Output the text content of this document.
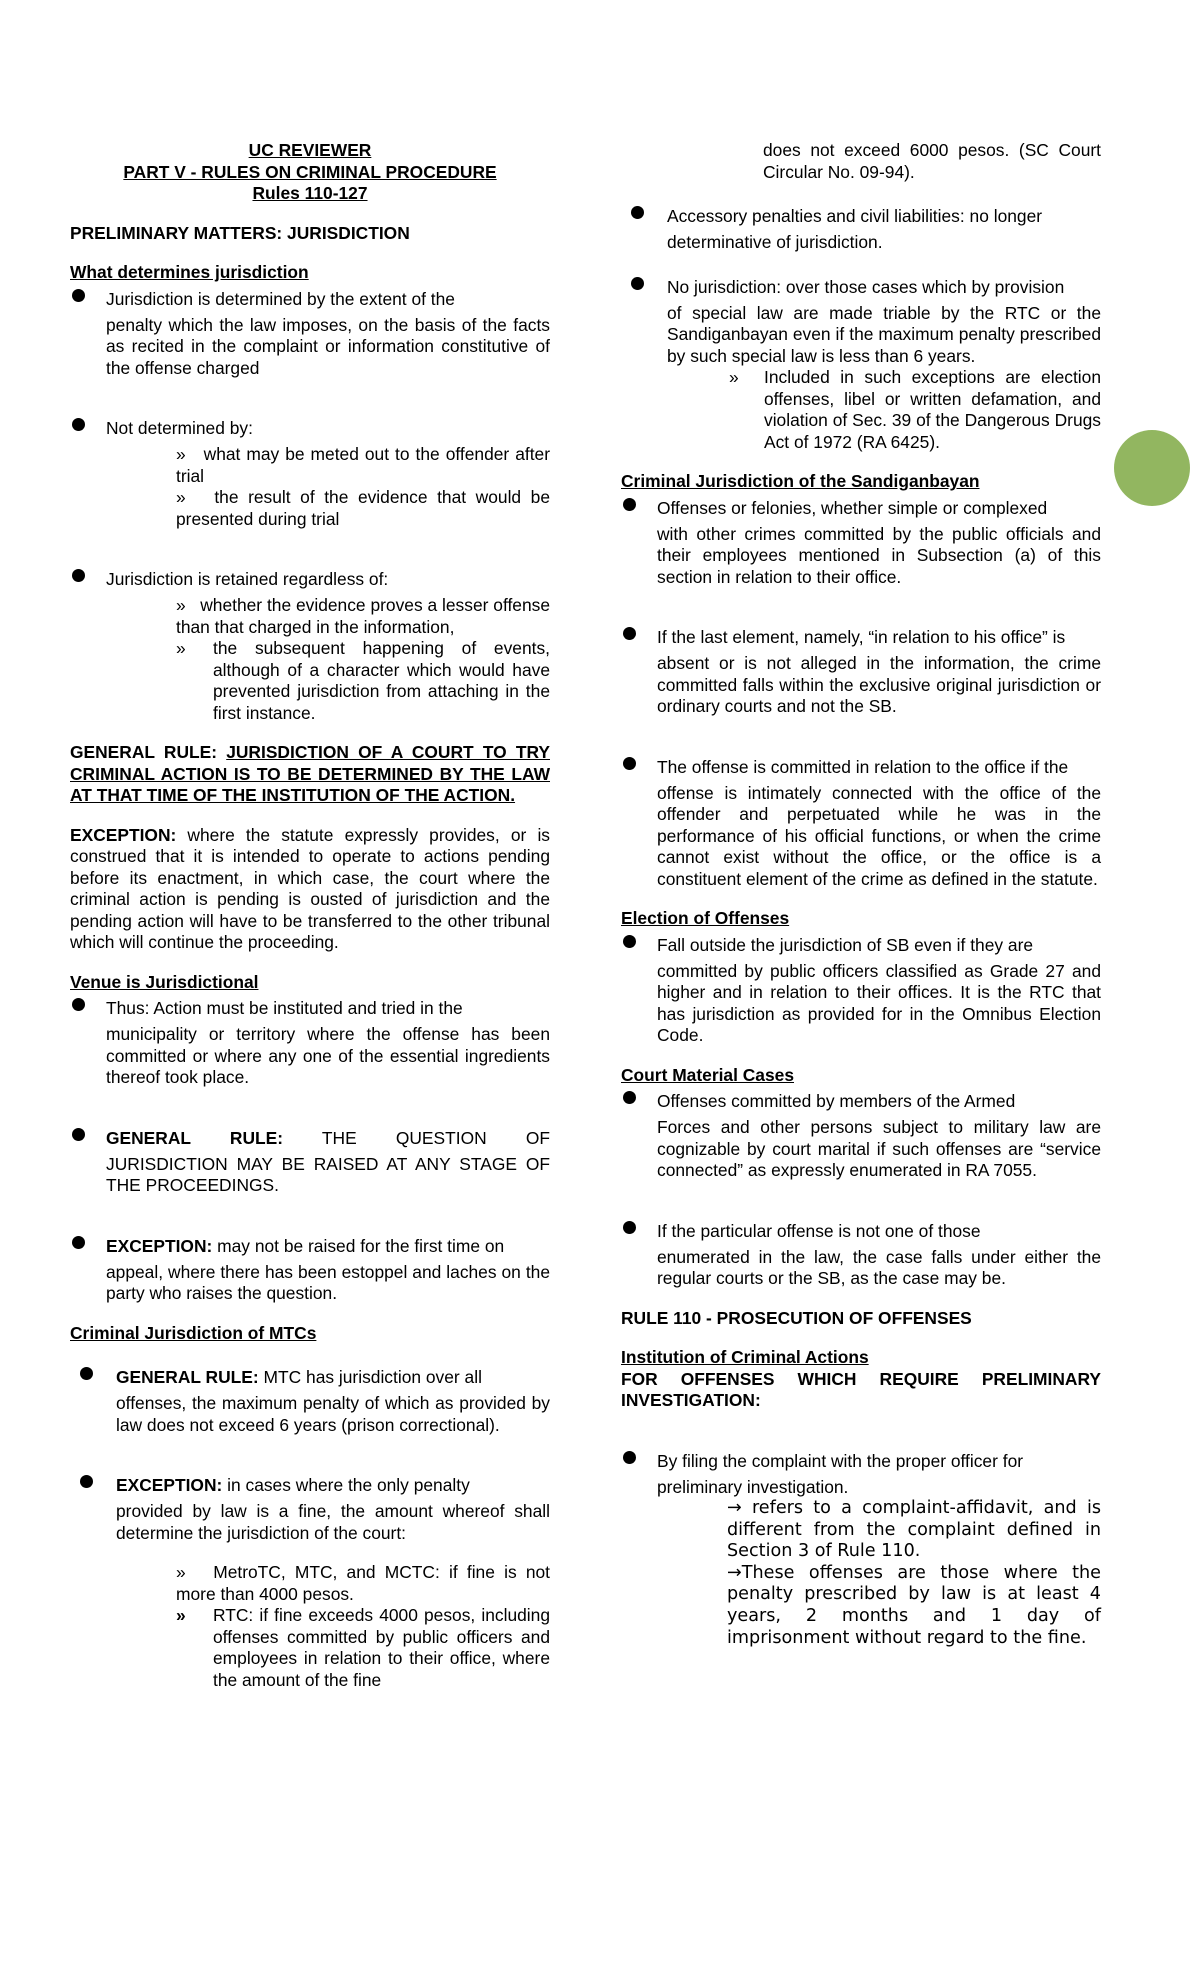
UC REVIEWER

PART V - RULES ON CRIMINAL PROCEDURE

Rules 110-127

PRELIMINARY MATTERS: JURISDICTION

What determines jurisdiction

Jurisdiction is determined by the extent of the

penalty which the law imposes, on the basis of the facts as recited in the complaint or information constitutive of the offense charged

Not determined by:

» what may be meted out to the offender after trial
» the result of the evidence that would be presented during trial

Jurisdiction is retained regardless of:

» whether the evidence proves a lesser offense than that charged in the information,
» the subsequent happening of events, although of a character which would have prevented jurisdiction from attaching in the first instance.

GENERAL RULE: JURISDICTION OF A COURT TO TRY CRIMINAL ACTION IS TO BE DETERMINED BY THE LAW AT THAT TIME OF THE INSTITUTION OF THE ACTION.

EXCEPTION: where the statute expressly provides, or is construed that it is intended to operate to actions pending before its enactment, in which case, the court where the criminal action is pending is ousted of jurisdiction and the pending action will have to be transferred to the other tribunal which will continue the proceeding.

Venue is Jurisdictional

Thus: Action must be instituted and tried in the

municipality or territory where the offense has been committed or where any one of the essential ingredients thereof took place.

GENERAL RULE: THE QUESTION OF

JURISDICTION MAY BE RAISED AT ANY STAGE OF THE PROCEEDINGS.

EXCEPTION: may not be raised for the first time on

appeal, where there has been estoppel and laches on the party who raises the question.

Criminal Jurisdiction of MTCs

GENERAL RULE: MTC has jurisdiction over all

offenses, the maximum penalty of which as provided by law does not exceed 6 years (prison correctional).

EXCEPTION: in cases where the only penalty

provided by law is a fine, the amount whereof shall determine the jurisdiction of the court:

» MetroTC, MTC, and MCTC: if fine is not more than 4000 pesos.
» RTC: if fine exceeds 4000 pesos, including offenses committed by public officers and employees in relation to their office, where the amount of the fine

does not exceed 6000 pesos. (SC Court Circular No. 09-94).

Accessory penalties and civil liabilities: no longer

determinative of jurisdiction.

No jurisdiction: over those cases which by provision

of special law are made triable by the RTC or the Sandiganbayan even if the maximum penalty prescribed by such special law is less than 6 years.

» Included in such exceptions are election offenses, libel or written defamation, and violation of Sec. 39 of the Dangerous Drugs Act of 1972 (RA 6425).

Criminal Jurisdiction of the Sandiganbayan

Offenses or felonies, whether simple or complexed

with other crimes committed by the public officials and their employees mentioned in Subsection (a) of this section in relation to their office.

If the last element, namely, “in relation to his office” is

absent or is not alleged in the information, the crime committed falls within the exclusive original jurisdiction or ordinary courts and not the SB.

The offense is committed in relation to the office if the

offense is intimately connected with the office of the offender and perpetuated while he was in the performance of his official functions, or when the crime cannot exist without the office, or the office is a constituent element of the crime as defined in the statute.

Election of Offenses

Fall outside the jurisdiction of SB even if they are

committed by public officers classified as Grade 27 and higher and in relation to their offices. It is the RTC that has jurisdiction as provided for in the Omnibus Election Code.

Court Material Cases

Offenses committed by members of the Armed

Forces and other persons subject to military law are cognizable by court marital if such offenses are “service connected” as expressly enumerated in RA 7055.

If the particular offense is not one of those

enumerated in the law, the case falls under either the regular courts or the SB, as the case may be.

RULE 110 - PROSECUTION OF OFFENSES

Institution of Criminal Actions

FOR OFFENSES WHICH REQUIRE PRELIMINARY INVESTIGATION:

By filing the complaint with the proper officer for

preliminary investigation.

→ refers to a complaint-affidavit, and is different from the complaint defined in Section 3 of Rule 110.

→These offenses are those where the penalty prescribed by law is at least 4 years, 2 months and 1 day of imprisonment without regard to the fine.
